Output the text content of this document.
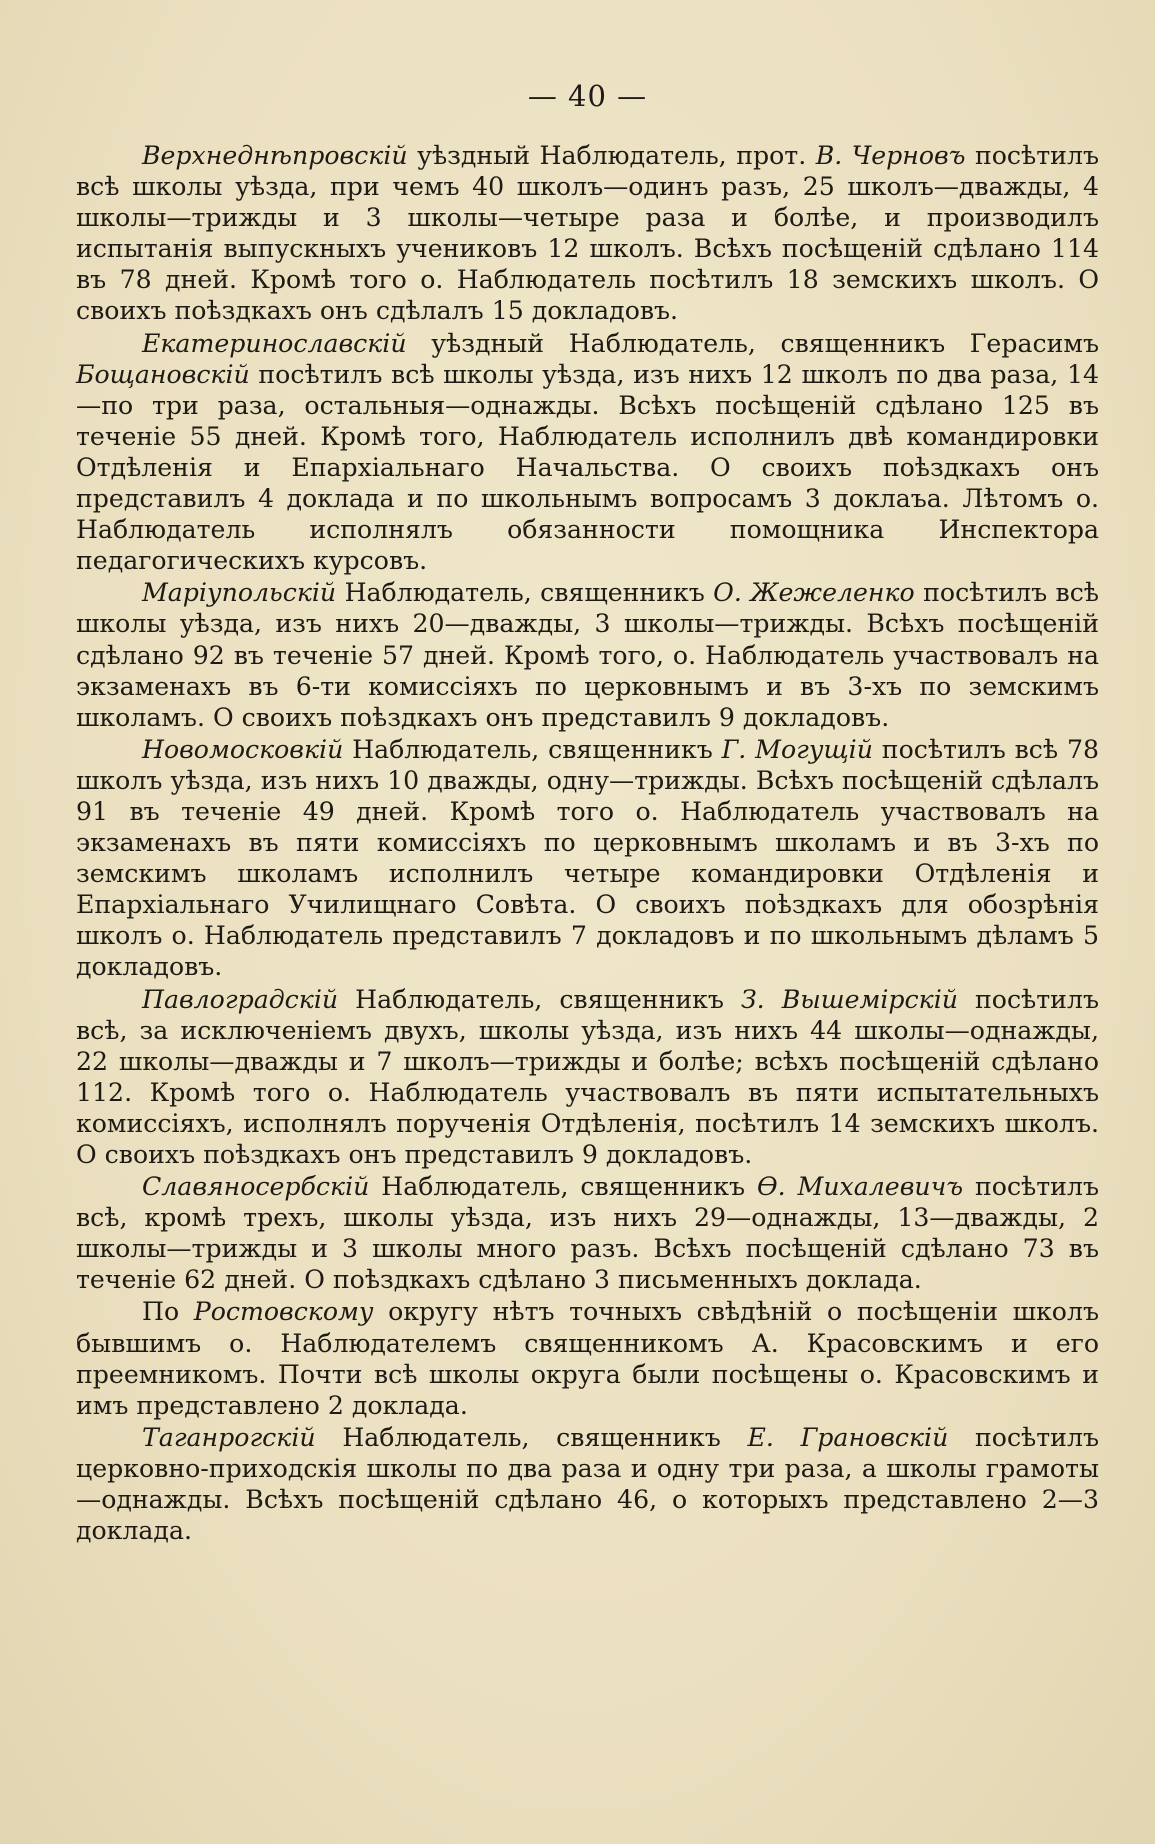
— 40 —

Верхнеднѣпровскій уѣздный Наблюдатель, прот. В. Черновъ посѣтилъ всѣ школы уѣзда, при чемъ 40 школъ—одинъ разъ, 25 школъ—дважды, 4 школы—трижды и 3 школы—четыре раза и болѣе, и производилъ испытанія выпускныхъ учениковъ 12 школъ. Всѣхъ посѣщеній сдѣлано 114 въ 78 дней. Кромѣ того о. Наблюдатель посѣтилъ 18 земскихъ школъ. О своихъ поѣздкахъ онъ сдѣлалъ 15 докладовъ.

Екатеринославскій уѣздный Наблюдатель, священникъ Герасимъ Бощановскій посѣтилъ всѣ школы уѣзда, изъ нихъ 12 школъ по два раза, 14—по три раза, остальныя—однажды. Всѣхъ посѣщеній сдѣлано 125 въ теченіе 55 дней. Кромѣ того, Наблюдатель исполнилъ двѣ командировки Отдѣленія и Епархіальнаго Начальства. О своихъ поѣздкахъ онъ представилъ 4 доклада и по школьнымъ вопросамъ 3 доклаъа. Лѣтомъ о. Наблюдатель исполнялъ обязанности помощника Инспектора педагогическихъ курсовъ.

Маріупольскій Наблюдатель, священникъ О. Жежеленко посѣтилъ всѣ школы уѣзда, изъ нихъ 20—дважды, 3 школы—трижды. Всѣхъ посѣщеній сдѣлано 92 въ теченіе 57 дней. Кромѣ того, о. Наблюдатель участвовалъ на экзаменахъ въ 6-ти комиссіяхъ по церковнымъ и въ 3-хъ по земскимъ школамъ. О своихъ поѣздкахъ онъ представилъ 9 докладовъ.

Новомосковкій Наблюдатель, священникъ Г. Могущій посѣтилъ всѣ 78 школъ уѣзда, изъ нихъ 10 дважды, одну—трижды. Всѣхъ посѣщеній сдѣлалъ 91 въ теченіе 49 дней. Кромѣ того о. Наблюдатель участвовалъ на экзаменахъ въ пяти комиссіяхъ по церковнымъ школамъ и въ 3-хъ по земскимъ школамъ исполнилъ четыре командировки Отдѣленія и Епархіальнаго Училищнаго Совѣта. О своихъ поѣздкахъ для обозрѣнія школъ о. Наблюдатель представилъ 7 докладовъ и по школьнымъ дѣламъ 5 докладовъ.

Павлоградскій Наблюдатель, священникъ З. Вышеміpскій посѣтилъ всѣ, за исключеніемъ двухъ, школы уѣзда, изъ нихъ 44 школы—однажды, 22 школы—дважды и 7 школъ—трижды и болѣе; всѣхъ посѣщеній сдѣлано 112. Кромѣ того о. Наблюдатель участвовалъ въ пяти испытательныхъ комиссіяхъ, исполнялъ порученія Отдѣленія, посѣтилъ 14 земскихъ школъ. О своихъ поѣздкахъ онъ представилъ 9 докладовъ.

Славяносербскій Наблюдатель, священникъ Ѳ. Михалевичъ посѣтилъ всѣ, кромѣ трехъ, школы уѣзда, изъ нихъ 29—однажды, 13—дважды, 2 школы—трижды и 3 школы много разъ. Всѣхъ посѣщеній сдѣлано 73 въ теченіе 62 дней. О поѣздкахъ сдѣлано 3 письменныхъ доклада.

По Ростовскому округу нѣтъ точныхъ свѣдѣній о посѣщеніи школъ бывшимъ о. Наблюдателемъ священникомъ А. Красовскимъ и его преемникомъ. Почти всѣ школы округа были посѣщены о. Красовскимъ и имъ представлено 2 доклада.

Таганрогскій Наблюдатель, священникъ Е. Грановскій посѣтилъ церковно-приходскія школы по два раза и одну три раза, а школы грамоты—однажды. Всѣхъ посѣщеній сдѣлано 46, о которыхъ представлено 2—3 доклада.
